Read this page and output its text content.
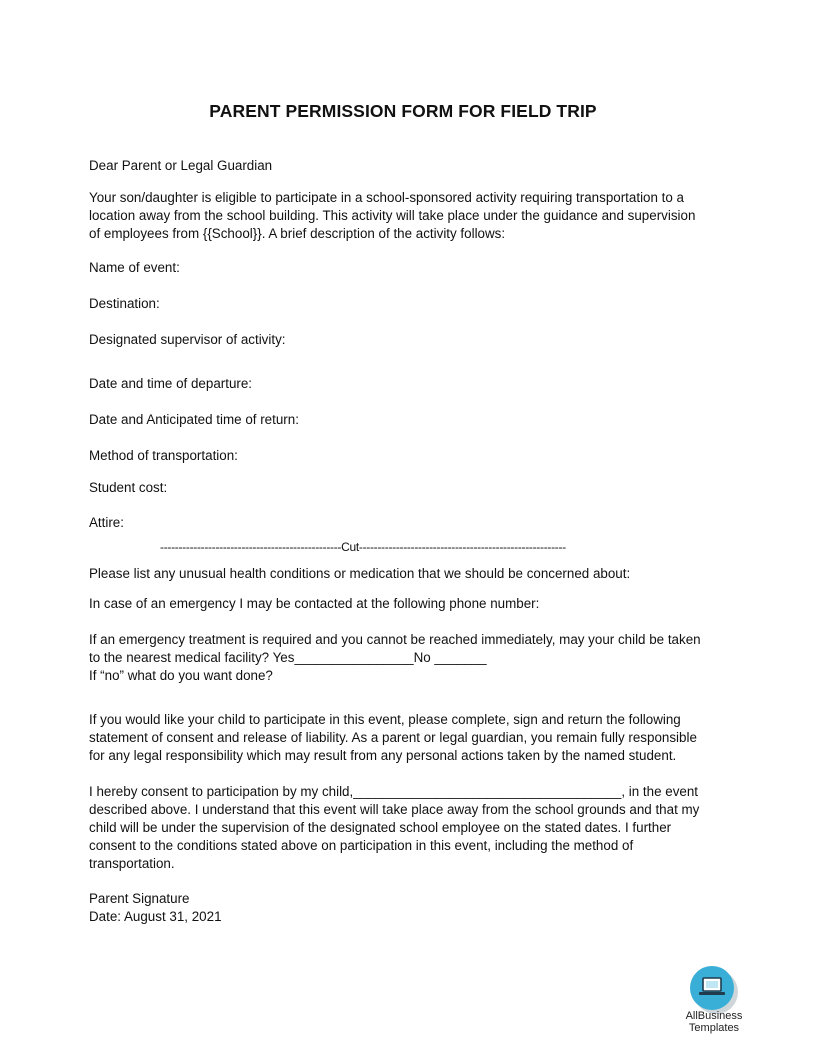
PARENT PERMISSION FORM FOR FIELD TRIP
Dear Parent or Legal Guardian
Your son/daughter is eligible to participate in a school-sponsored activity requiring transportation to a
location away from the school building. This activity will take place under the guidance and supervision
of employees from {{School}}. A brief description of the activity follows:
Name of event:
Destination:
Designated supervisor of activity:
Date and time of departure:
Date and Anticipated time of return:
Method of transportation:
Student cost:
Attire:
-------------------------------------------------Cut--------------------------------------------------------
Please list any unusual health conditions or medication that we should be concerned about:
In case of an emergency I may be contacted at the following phone number:
If an emergency treatment is required and you cannot be reached immediately, may your child be taken
to the nearest medical facility? Yes________________No _______
If “no” what do you want done?
If you would like your child to participate in this event, please complete, sign and return the following
statement of consent and release of liability. As a parent or legal guardian, you remain fully responsible
for any legal responsibility which may result from any personal actions taken by the named student.
I hereby consent to participation by my child,____________________________________, in the event
described above. I understand that this event will take place away from the school grounds and that my
child will be under the supervision of the designated school employee on the stated dates. I further
consent to the conditions stated above on participation in this event, including the method of
transportation.
Parent Signature
Date: August 31, 2021
AllBusiness
Templates
